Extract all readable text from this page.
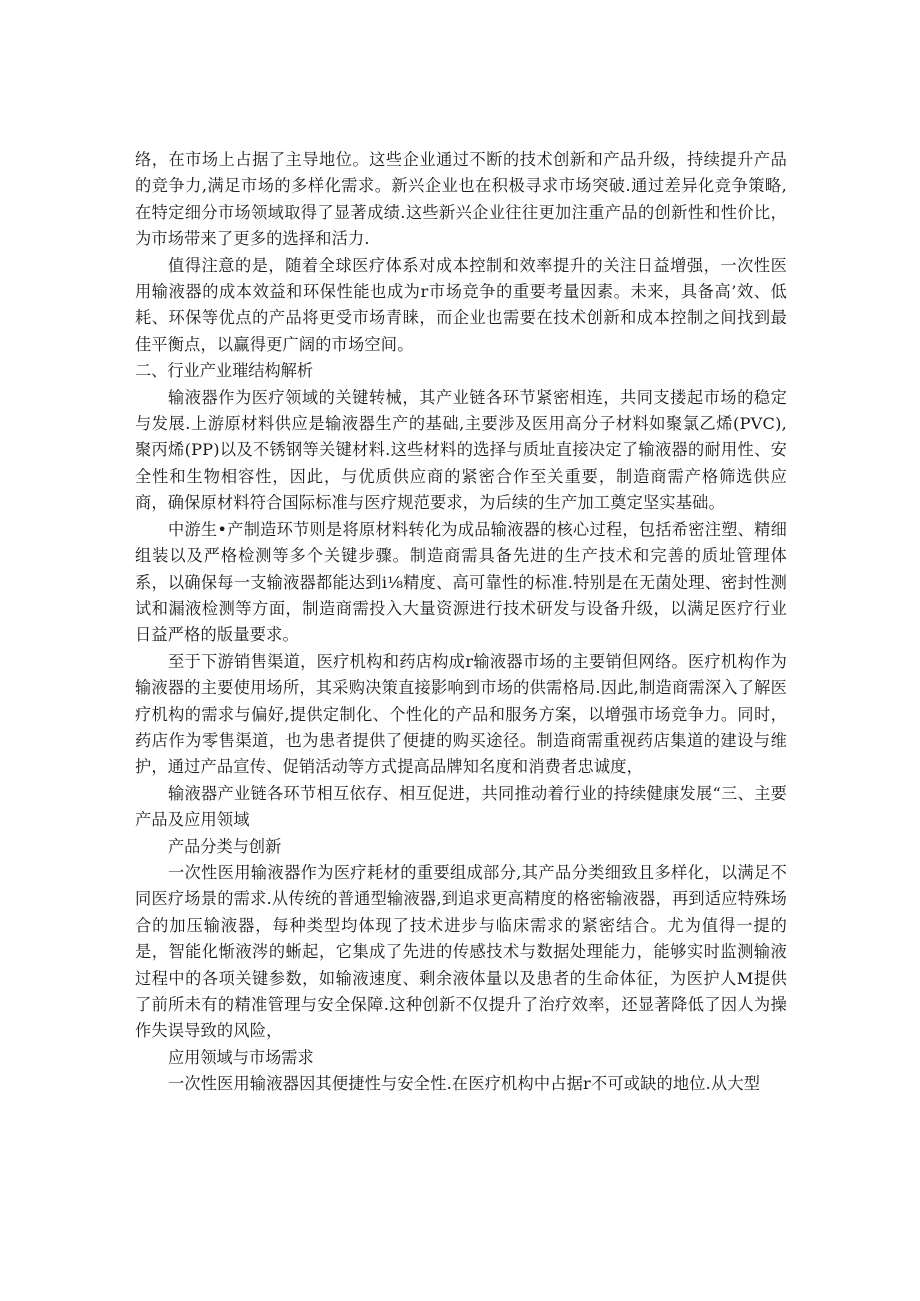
络，在市场上占据了主导地位。这些企业通过不断的技术创新和产品升级，持续提升产品的竞争力,满足市场的多样化需求。新兴企业也在积极寻求市场突破.通过差异化竞争策略,在特定细分市场领域取得了显著成绩.这些新兴企业往往更加注重产品的创新性和性价比，为市场带来了更多的选择和活力.

值得注意的是，随着全球医疗体系对成本控制和效率提升的关注日益增强，一次性医用输液器的成本效益和环保性能也成为r市场竞争的重要考量因素。未来，具备高’效、低耗、环保等优点的产品将更受市场青睐，而企业也需要在技术创新和成本控制之间找到最佳平衡点，以赢得更广阔的市场空间。

二、行业产业璀结构解析

输液器作为医疗领域的关键转械，其产业链各环节紧密相连，共同支搂起市场的稳定与发展.上游原材料供应是输液器生产的基础,主要涉及医用高分子材料如聚氯乙烯(PVC),聚丙烯(PP)以及不锈钢等关键材料.这些材料的选择与质址直接决定了输液器的耐用性、安全性和生物相容性，因此，与优质供应商的紧密合作至关重要，制造商需产格筛选供应商，确保原材料符合国际标准与医疗规范要求，为后续的生产加工奠定坚实基础。

中游生•产制造环节则是将原材料转化为成品输液器的核心过程，包括希密注塑、精细组装以及严格检测等多个关键步骤。制造商需具备先进的生产技术和完善的质址管理体系，以确保每一支输液器都能达到i⅛精度、高可靠性的标准.特别是在无菌处理、密封性测试和漏液检测等方面，制造商需投入大量资源进行技术研发与设备升级，以满足医疗行业日益严格的版量要求。

至于下游销售渠道，医疗机构和药店构成r输液器市场的主要销但网络。医疗机构作为输液器的主要使用场所，其采购决策直接影响到市场的供需格局.因此,制造商需深入了解医疗机构的需求与偏好,提供定制化、个性化的产品和服务方案，以增强市场竞争力。同时，药店作为零售渠道，也为患者提供了便捷的购买途径。制造商需重视药店集道的建设与维护，通过产品宣传、促销活动等方式提高品牌知名度和消费者忠诚度，

输液器产业链各环节相互依存、相互促进，共同推动着行业的持续健康发展“三、主要产品及应用领域

产品分类与创新

一次性医用输液器作为医疗耗材的重要组成部分,其产品分类细致且多样化，以满足不同医疗场景的需求.从传统的普通型输液器,到追求更高精度的格密输液器，再到适应特殊场合的加压输液器，每种类型均体现了技术进步与临床需求的紧密结合。尤为值得一提的是，智能化惭液涔的蜥起，它集成了先进的传感技术与数据处理能力，能够实时监测输液过程中的各项关键参数，如输液速度、剩余液体量以及患者的生命体征，为医护人M提供了前所未有的精准管理与安全保障.这种创新不仅提升了治疗效率，还显著降低了因人为操作失误导致的风险，

应用领域与市场需求

一次性医用输液器因其便捷性与安全性.在医疗机构中占据r不可或缺的地位.从大型
